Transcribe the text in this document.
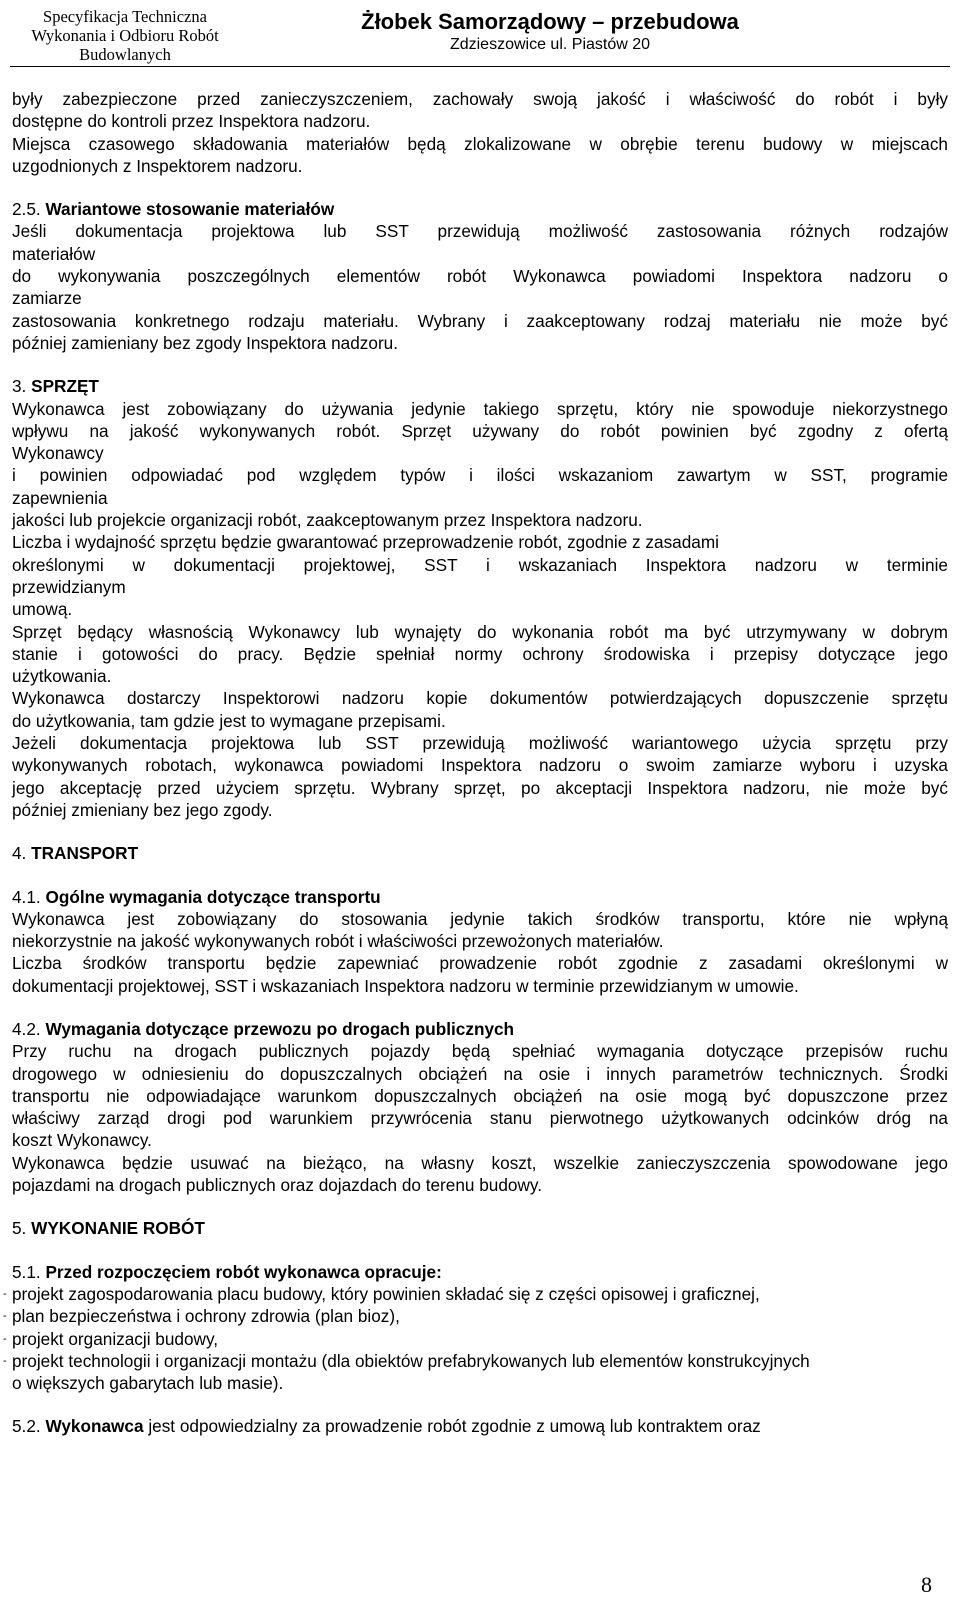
Specyfikacja Techniczna
Wykonania i Odbioru Robót
Budowlanych
Żłobek Samorządowy – przebudowa
Zdzieszowice ul. Piastów 20

były zabezpieczone przed zanieczyszczeniem, zachowały swoją jakość i właściwość do robót i były

dostępne do kontroli przez Inspektora nadzoru.

Miejsca czasowego składowania materiałów będą zlokalizowane w obrębie terenu budowy w miejscach

uzgodnionych z Inspektorem nadzoru.

2.5. Wariantowe stosowanie materiałów

Jeśli dokumentacja projektowa lub SST przewidują możliwość zastosowania różnych rodzajów

materiałów

do wykonywania poszczególnych elementów robót Wykonawca powiadomi Inspektora nadzoru o

zamiarze

zastosowania konkretnego rodzaju materiału. Wybrany i zaakceptowany rodzaj materiału nie może być

później zamieniany bez zgody Inspektora nadzoru.

3. SPRZĘT

Wykonawca jest zobowiązany do używania jedynie takiego sprzętu, który nie spowoduje niekorzystnego

wpływu na jakość wykonywanych robót. Sprzęt używany do robót powinien być zgodny z ofertą

Wykonawcy

i powinien odpowiadać pod względem typów i ilości wskazaniom zawartym w SST, programie

zapewnienia

jakości lub projekcie organizacji robót, zaakceptowanym przez Inspektora nadzoru.

Liczba i wydajność sprzętu będzie gwarantować przeprowadzenie robót, zgodnie z zasadami

określonymi w dokumentacji projektowej, SST i wskazaniach Inspektora nadzoru w terminie

przewidzianym

umową.

Sprzęt będący własnością Wykonawcy lub wynajęty do wykonania robót ma być utrzymywany w dobrym

stanie i gotowości do pracy. Będzie spełniał normy ochrony środowiska i przepisy dotyczące jego

użytkowania.

Wykonawca dostarczy Inspektorowi nadzoru kopie dokumentów potwierdzających dopuszczenie sprzętu

do użytkowania, tam gdzie jest to wymagane przepisami.

Jeżeli dokumentacja projektowa lub SST przewidują możliwość wariantowego użycia sprzętu przy

wykonywanych robotach, wykonawca powiadomi Inspektora nadzoru o swoim zamiarze wyboru i uzyska

jego akceptację przed użyciem sprzętu. Wybrany sprzęt, po akceptacji Inspektora nadzoru, nie może być

później zmieniany bez jego zgody.

4. TRANSPORT

4.1. Ogólne wymagania dotyczące transportu

Wykonawca jest zobowiązany do stosowania jedynie takich środków transportu, które nie wpłyną

niekorzystnie na jakość wykonywanych robót i właściwości przewożonych materiałów.

Liczba środków transportu będzie zapewniać prowadzenie robót zgodnie z zasadami określonymi w

dokumentacji projektowej, SST i wskazaniach Inspektora nadzoru w terminie przewidzianym w umowie.

4.2. Wymagania dotyczące przewozu po drogach publicznych

Przy ruchu na drogach publicznych pojazdy będą spełniać wymagania dotyczące przepisów ruchu

drogowego w odniesieniu do dopuszczalnych obciążeń na osie i innych parametrów technicznych. Środki

transportu nie odpowiadające warunkom dopuszczalnych obciążeń na osie mogą być dopuszczone przez

właściwy zarząd drogi pod warunkiem przywrócenia stanu pierwotnego użytkowanych odcinków dróg na

koszt Wykonawcy.

Wykonawca będzie usuwać na bieżąco, na własny koszt, wszelkie zanieczyszczenia spowodowane jego

pojazdami na drogach publicznych oraz dojazdach do terenu budowy.

5. WYKONANIE ROBÓT

5.1. Przed rozpoczęciem robót wykonawca opracuje:

- projekt zagospodarowania placu budowy, który powinien składać się z części opisowej i graficznej,

- plan bezpieczeństwa i ochrony zdrowia (plan bioz),

- projekt organizacji budowy,

- projekt technologii i organizacji montażu (dla obiektów prefabrykowanych lub elementów konstrukcyjnych

o większych gabarytach lub masie).

5.2. Wykonawca jest odpowiedzialny za prowadzenie robót zgodnie z umową lub kontraktem oraz

8
